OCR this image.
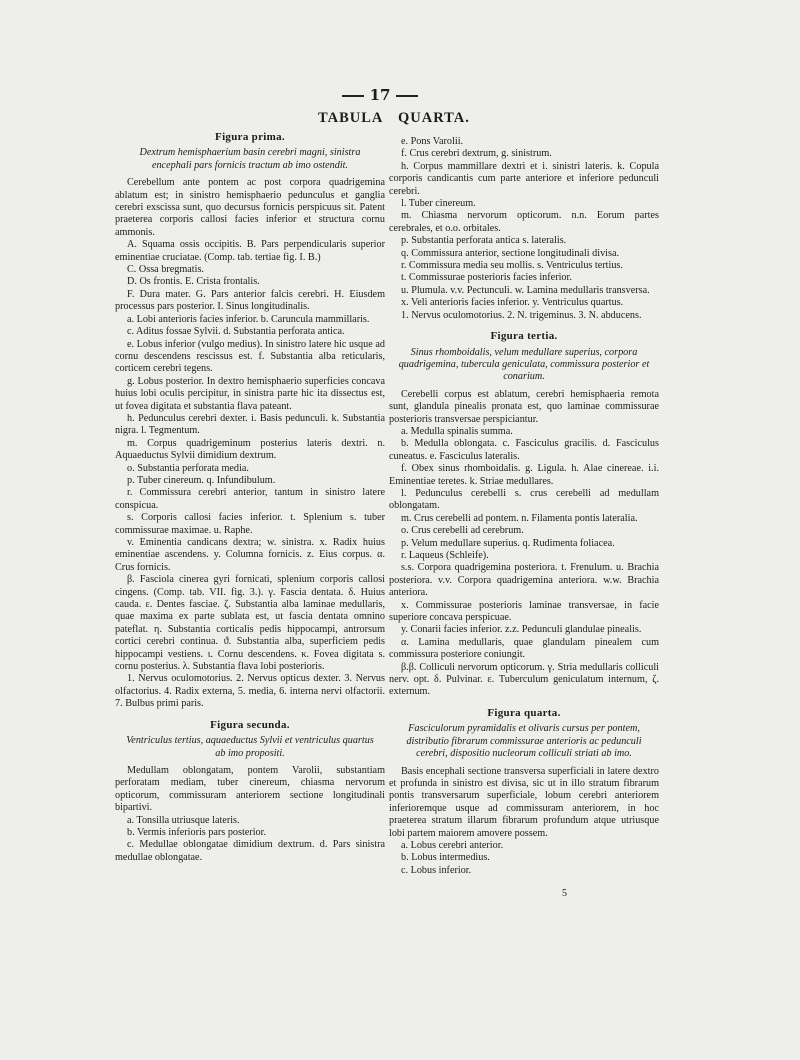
17
TABULA QUARTA.
Figura prima.
Dextrum hemisphaerium basin cerebri magni, sinistra encephali pars fornicis tractum ab imo ostendit.

Cerebellum ante pontem ac post corpora quadrigemina ablatum est; in sinistro hemisphaerio pedunculus et ganglia cerebri exscissa sunt, quo decursus fornicis perspicuus sit. Patent praeterea corporis callosi facies inferior et structura cornu ammonis.

A. Squama ossis occipitis. B. Pars perpendicularis superior eminentiae cruciatae. (Comp. tab. tertiae fig. I. B.)

C. Ossa bregmatis.

D. Os frontis. E. Crista frontalis.

F. Dura mater. G. Pars anterior falcis cerebri. H. Eiusdem processus pars posterior. I. Sinus longitudinalis.

a. Lobi anterioris facies inferior. b. Caruncula mammillaris.

c. Aditus fossae Sylvii. d. Substantia perforata antica.

e. Lobus inferior (vulgo medius). In sinistro latere hic usque ad cornu descendens rescissus est. f. Substantia alba reticularis, corticem cerebri tegens.

g. Lobus posterior. In dextro hemisphaerio superficies concava huius lobi oculis percipitur, in sinistra parte hic ita dissectus est, ut fovea digitata et substantia flava pateant.

h. Pedunculus cerebri dexter. i. Basis pedunculi. k. Substantia nigra. l. Tegmentum.

m. Corpus quadrigeminum posterius lateris dextri. n. Aquaeductus Sylvii dimidium dextrum.

o. Substantia perforata media.

p. Tuber cinereum. q. Infundibulum.

r. Commissura cerebri anterior, tantum in sinistro latere conspicua.

s. Corporis callosi facies inferior. t. Splenium s. tuber commissurae maximae. u. Raphe.

v. Eminentia candicans dextra; w. sinistra. x. Radix huius eminentiae ascendens. y. Columna fornicis. z. Eius corpus. α. Crus fornicis.

β. Fasciola cinerea gyri fornicati, splenium corporis callosi cingens. (Comp. tab. VII. fig. 3.). γ. Fascia dentata. δ. Huius cauda. ε. Dentes fasciae. ζ. Substantia alba laminae medullaris, quae maxima ex parte sublata est, ut fascia dentata omnino pateflat. η. Substantia corticalis pedis hippocampi, antrorsum cortici cerebri continua. ϑ. Substantia alba, superficiem pedis hippocampi vestiens. ι. Cornu descendens. κ. Fovea digitata s. cornu posterius. λ. Substantia flava lobi posterioris.

1. Nervus oculomotorius. 2. Nervus opticus dexter. 3. Nervus olfactorius. 4. Radix externa, 5. media, 6. interna nervi olfactorii. 7. Bulbus primi paris.

Figura secunda.
Ventriculus tertius, aquaeductus Sylvii et ventriculus quartus ab imo propositi.

Medullam oblongatam, pontem Varolii, substantiam perforatam mediam, tuber cinereum, chiasma nervorum opticorum, commissuram anteriorem sectione longitudinali bipartivi.

a. Tonsilla utriusque lateris.

b. Vermis inferioris pars posterior.

c. Medullae oblongatae dimidium dextrum. d. Pars sinistra medullae oblongatae.

e. Pons Varolii.

f. Crus cerebri dextrum, g. sinistrum.

h. Corpus mammillare dextri et i. sinistri lateris. k. Copula corporis candicantis cum parte anteriore et inferiore pedunculi cerebri.

l. Tuber cinereum.

m. Chiasma nervorum opticorum. n.n. Eorum partes cerebrales, et o.o. orbitales.

p. Substantia perforata antica s. lateralis.

q. Commissura anterior, sectione longitudinali divisa.

r. Commissura media seu mollis. s. Ventriculus tertius.

t. Commissurae posterioris facies inferior.

u. Plumula. v.v. Pectunculi. w. Lamina medullaris transversa.

x. Veli anterioris facies inferior. y. Ventriculus quartus.

1. Nervus oculomotorius. 2. N. trigeminus. 3. N. abducens.

Figura tertia.
Sinus rhomboidalis, velum medullare superius, corpora quadrigemina, tubercula geniculata, commissura posterior et conarium.

Cerebelli corpus est ablatum, cerebri hemisphaeria remota sunt, glandula pinealis pronata est, quo laminae commissurae posterioris transversae perspiciantur.

a. Medulla spinalis summa.

b. Medulla oblongata. c. Fasciculus gracilis. d. Fasciculus cuneatus. e. Fasciculus lateralis.

f. Obex sinus rhomboidalis. g. Ligula. h. Alae cinereae. i.i. Eminentiae teretes. k. Striae medullares.

l. Pedunculus cerebelli s. crus cerebelli ad medullam oblongatam.

m. Crus cerebelli ad pontem. n. Filamenta pontis lateralia.

o. Crus cerebelli ad cerebrum.

p. Velum medullare superius. q. Rudimenta foliacea.

r. Laqueus (Schleife).

s.s. Corpora quadrigemina posteriora. t. Frenulum. u. Brachia posteriora. v.v. Corpora quadrigemina anteriora. w.w. Brachia anteriora.

x. Commissurae posterioris laminae transversae, in facie superiore concava perspicuae.

y. Conarii facies inferior. z.z. Pedunculi glandulae pinealis.

α. Lamina medullaris, quae glandulam pinealem cum commissura posteriore coniungit.

β.β. Colliculi nervorum opticorum. γ. Stria medullaris colliculi nerv. opt. δ. Pulvinar. ε. Tuberculum geniculatum internum, ζ. externum.

Figura quarta.
Fasciculorum pyramidalis et olivaris cursus per pontem, distributio fibrarum commissurae anterioris ac pedunculi cerebri, dispositio nucleorum colliculi striati ab imo.

Basis encephali sectione transversa superficiali in latere dextro et profunda in sinistro est divisa, sic ut in illo stratum fibrarum pontis transversarum superficiale, lobum cerebri anteriorem inferioremque usque ad commissuram anteriorem, in hoc praeterea stratum illarum fibrarum profundum atque utriusque lobi partem maiorem amovere possem.

a. Lobus cerebri anterior.

b. Lobus intermedius.

c. Lobus inferior.

5
